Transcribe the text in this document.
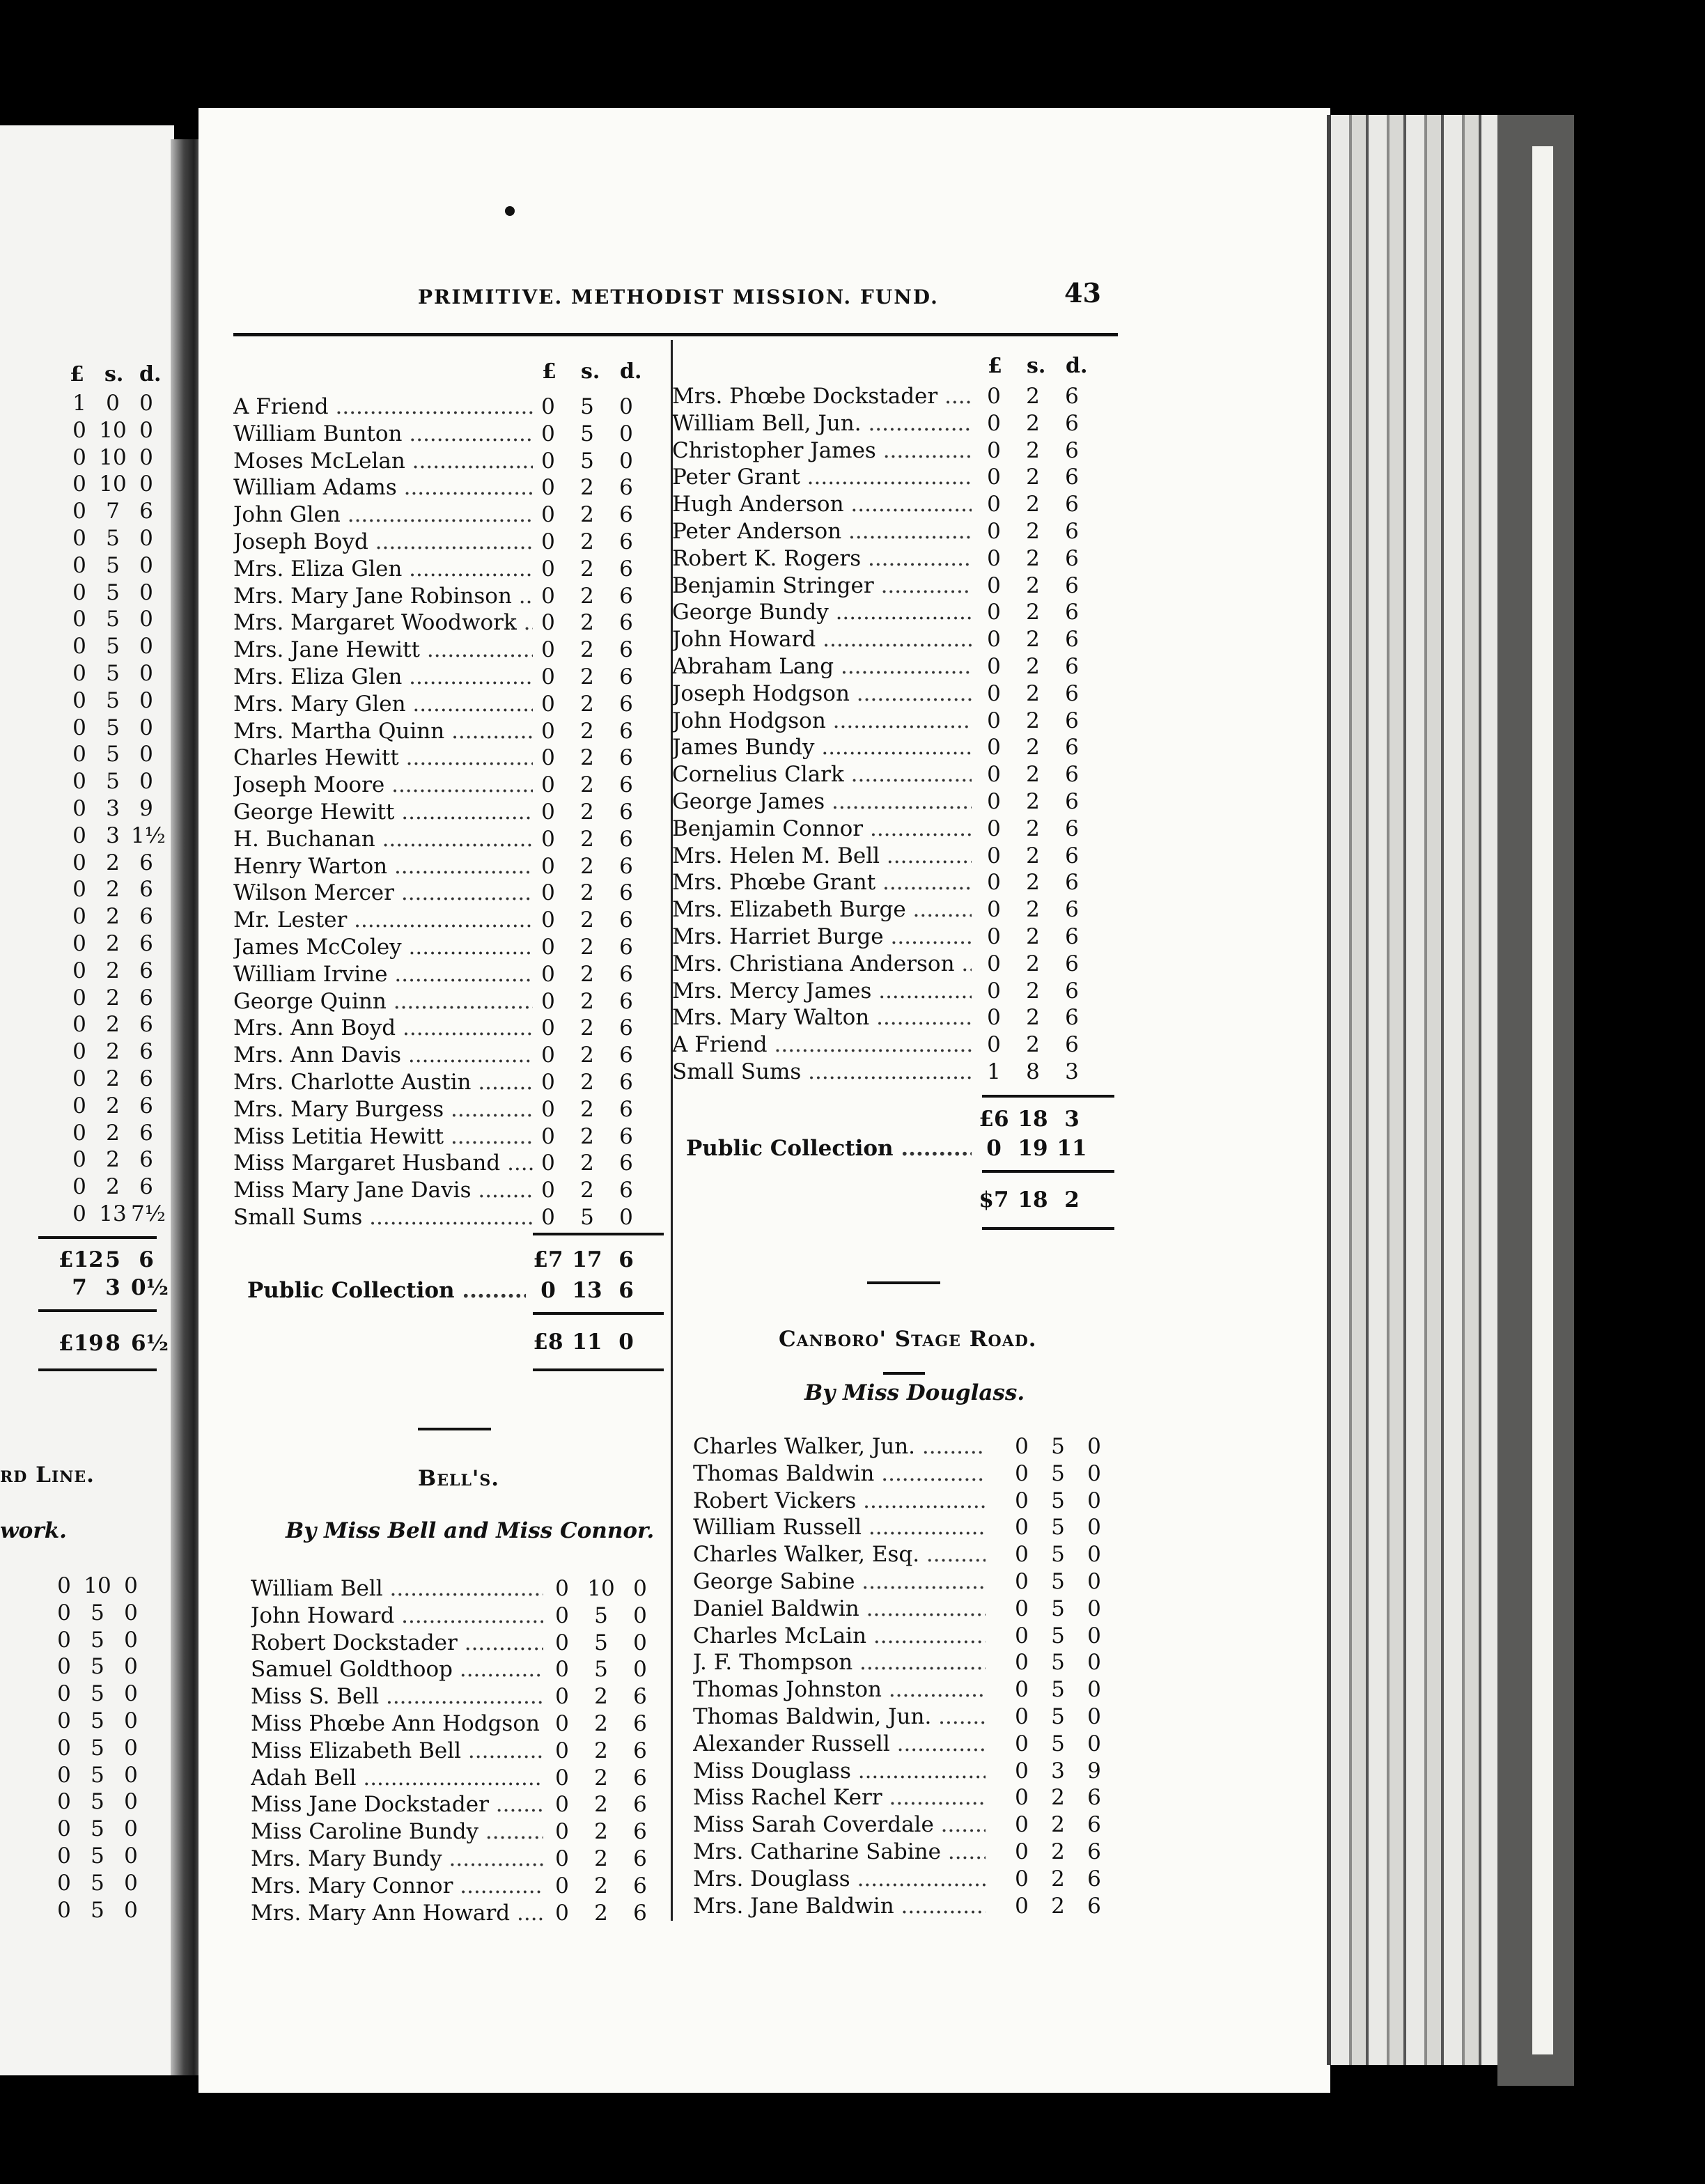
PRIMITIVE. METHODIST MISSION. FUND.	43
£ s. d.
1 0 0
0 10 0
0 10 0
0 10 0
0 7 6
0 5 0
0 5 0
0 5 0
0 5 0
0 5 0
0 5 0
0 5 0
0 5 0
0 5 0
0 5 0
0 3 9
0 3 1½
0 2 6
0 2 6
0 2 6
0 2 6
0 2 6
0 2 6
0 2 6
0 2 6
0 2 6
0 2 6
0 2 6
0 2 6
0 2 6
0 13 7½
£12 5 6
7 3 0½
£19 8 6½
rd Line.
work.
0 10 0
0 5 0
0 5 0
0 5 0
0 5 0
0 5 0
0 5 0
0 5 0
0 5 0
0 5 0
0 5 0
0 5 0
0 5 0
£ s. d.
A Friend .....	0	5	0
William Bunton .....	0	5	0
Moses McLelan .....	0	5	0
William Adams .....	0	2	6
John Glen .....	0	2	6
Joseph Boyd .....	0	2	6
Mrs. Eliza Glen .....	0	2	6
Mrs. Mary Jane Robinson .....	0	2	6
Mrs. Margaret Woodwork .....	0	2	6
Mrs. Jane Hewitt .....	0	2	6
Mrs. Eliza Glen .....	0	2	6
Mrs. Mary Glen .....	0	2	6
Mrs. Martha Quinn .....	0	2	6
Charles Hewitt .....	0	2	6
Joseph Moore .....	0	2	6
George Hewitt .....	0	2	6
H. Buchanan .....	0	2	6
Henry Warton .....	0	2	6
Wilson Mercer .....	0	2	6
Mr. Lester .....	0	2	6
James McColey .....	0	2	6
William Irvine .....	0	2	6
George Quinn .....	0	2	6
Mrs. Ann Boyd .....	0	2	6
Mrs. Ann Davis .....	0	2	6
Mrs. Charlotte Austin .....	0	2	6
Mrs. Mary Burgess .....	0	2	6
Miss Letitia Hewitt .....	0	2	6
Miss Margaret Husband .....	0	2	6
Miss Mary Jane Davis .....	0	2	6
Small Sums .....	0	5	0
£7 17 6
Public Collection .....	0 13 6
£8 11 0
Bell's.
By Miss Bell and Miss Connor.
William Bell .....	0 10 0
John Howard .....	0	5	0
Robert Dockstader .....	0	5	0
Samuel Goldthoop .....	0	5	0
Miss S. Bell .....	0	2	6
Miss Phœbe Ann Hodgson ..... 0	2	6
Miss Elizabeth Bell .....	0	2	6
Adah Bell .....	0	2	6
Miss Jane Dockstader .....	0	2	6
Miss Caroline Bundy .....	0	2	6
Mrs. Mary Bundy .....	0	2	6
Mrs. Mary Connor .....	0	2	6
Mrs. Mary Ann Howard .....	0	2	6
£ s. d.
Mrs. Phœbe Dockstader .....	0	2	6
William Bell, Jun. .....	0	2	6
Christopher James .....	0	2	6
Peter Grant .....	0	2	6
Hugh Anderson .....	0	2	6
Peter Anderson .....	0	2	6
Robert K. Rogers .....	0	2	6
Benjamin Stringer .....	0	2	6
George Bundy .....	0	2	6
John Howard .....	0	2	6
Abraham Lang .....	0	2	6
Joseph Hodgson .....	0	2	6
John Hodgson .....	0	2	6
James Bundy .....	0	2	6
Cornelius Clark .....	0	2	6
George James .....	0	2	6
Benjamin Connor .....	0	2	6
Mrs. Helen M. Bell .....	0	2	6
Mrs. Phœbe Grant .....	0	2	6
Mrs. Elizabeth Burge .....	0	2	6
Mrs. Harriet Burge .....	0	2	6
Mrs. Christiana Anderson .....	0	2	6
Mrs. Mercy James .....	0	2	6
Mrs. Mary Walton .....	0	2	6
A Friend .....	0	2	6
Small Sums .....	1	8	3
£6 18 3
Public Collection .....	0 19 11
$7 18 2
Canboro' Stage Road.
By Miss Douglass.
Charles Walker, Jun. .....	0	5	0
Thomas Baldwin .....	0	5	0
Robert Vickers .....	0	5	0
William Russell .....	0	5	0
Charles Walker, Esq. .....	0	5	0
George Sabine .....	0	5	0
Daniel Baldwin .....	0	5	0
Charles McLain .....	0	5	0
J. F. Thompson .....	0	5	0
Thomas Johnston .....	0	5	0
Thomas Baldwin, Jun. .....	0	5	0
Alexander Russell .....	0	5	0
Miss Douglass .....	0	3	9
Miss Rachel Kerr .....	0	2	6
Miss Sarah Coverdale .....	0	2	6
Mrs. Catharine Sabine .....	0	2	6
Mrs. Douglass .....	0	2	6
Mrs. Jane Baldwin .....	0	2	6
